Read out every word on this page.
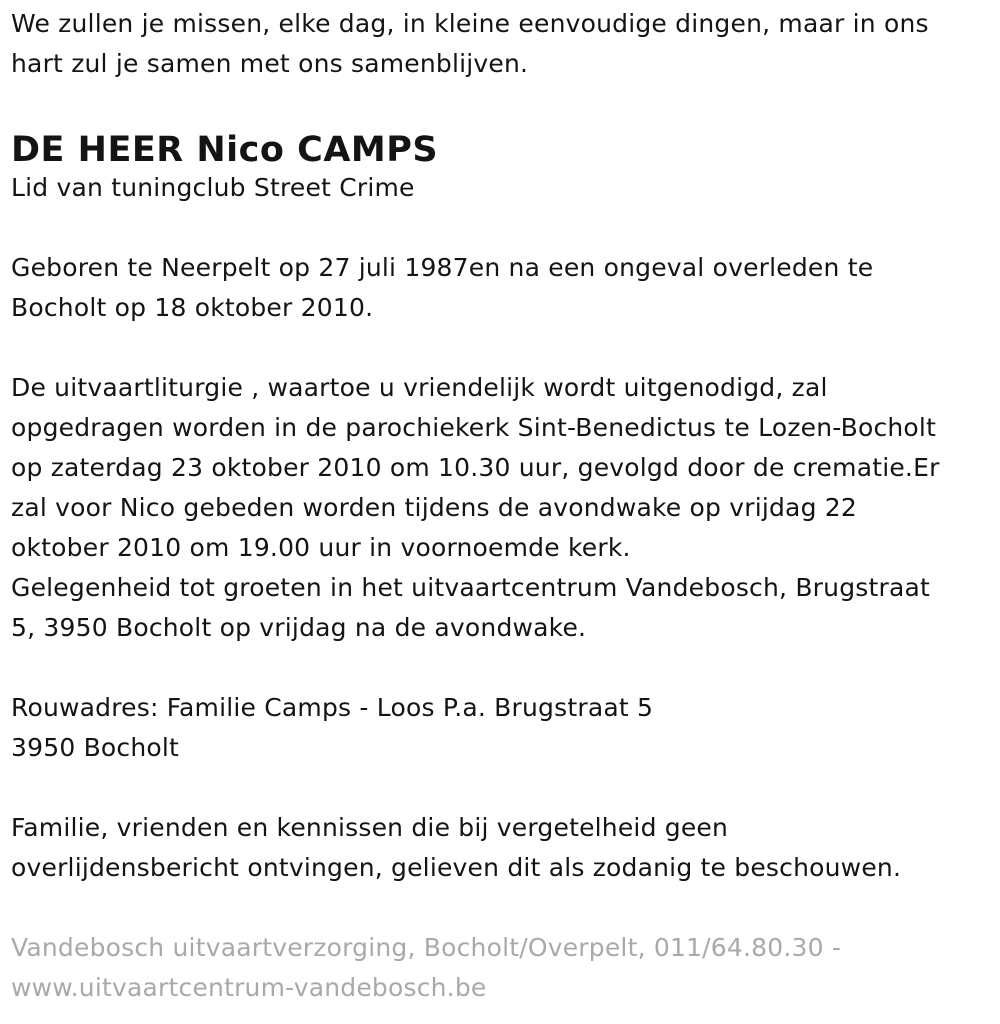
We zullen je missen, elke dag, in kleine eenvoudige dingen, maar in ons
hart zul je samen met ons samenblijven.
DE HEER Nico CAMPS
Lid van tuningclub Street Crime
Geboren te Neerpelt op 27 juli 1987en na een ongeval overleden te
Bocholt op 18 oktober 2010.
De uitvaartliturgie , waartoe u vriendelijk wordt uitgenodigd, zal
opgedragen worden in de parochiekerk Sint-Benedictus te Lozen-Bocholt
op zaterdag 23 oktober 2010 om 10.30 uur, gevolgd door de crematie.Er
zal voor Nico gebeden worden tijdens de avondwake op vrijdag 22
oktober 2010 om 19.00 uur in voornoemde kerk.
Gelegenheid tot groeten in het uitvaartcentrum Vandebosch, Brugstraat
5, 3950 Bocholt op vrijdag na de avondwake.
Rouwadres: Familie Camps - Loos P.a. Brugstraat 5
3950 Bocholt
Familie, vrienden en kennissen die bij vergetelheid geen
overlijdensbericht ontvingen, gelieven dit als zodanig te beschouwen.
Vandebosch uitvaartverzorging, Bocholt/Overpelt, 011/64.80.30 -
www.uitvaartcentrum-vandebosch.be
